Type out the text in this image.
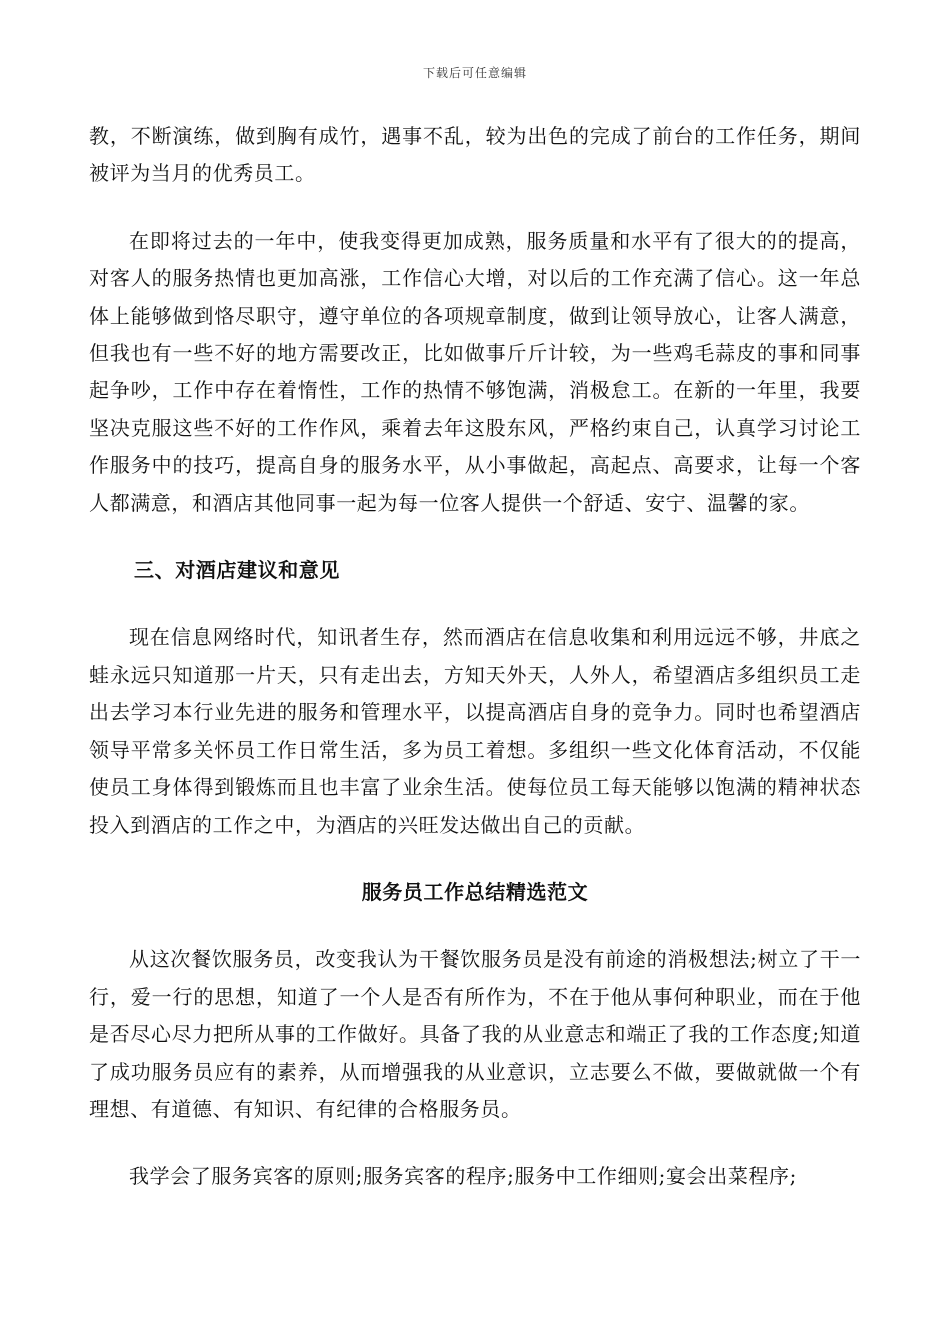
下载后可任意编辑

教，不断演练，做到胸有成竹，遇事不乱，较为出色的完成了前台的工作任务，期间被评为当月的优秀员工。

在即将过去的一年中，使我变得更加成熟，服务质量和水平有了很大的的提高，对客人的服务热情也更加高涨，工作信心大增，对以后的工作充满了信心。这一年总体上能够做到恪尽职守，遵守单位的各项规章制度，做到让领导放心，让客人满意，但我也有一些不好的地方需要改正，比如做事斤斤计较，为一些鸡毛蒜皮的事和同事起争吵，工作中存在着惰性，工作的热情不够饱满，消极怠工。在新的一年里，我要坚决克服这些不好的工作作风，乘着去年这股东风，严格约束自己，认真学习讨论工作服务中的技巧，提高自身的服务水平，从小事做起，高起点、高要求，让每一个客人都满意，和酒店其他同事一起为每一位客人提供一个舒适、安宁、温馨的家。

三、对酒店建议和意见

现在信息网络时代，知讯者生存，然而酒店在信息收集和利用远远不够，井底之蛙永远只知道那一片天，只有走出去，方知天外天，人外人，希望酒店多组织员工走出去学习本行业先进的服务和管理水平，以提高酒店自身的竞争力。同时也希望酒店领导平常多关怀员工作日常生活，多为员工着想。多组织一些文化体育活动，不仅能使员工身体得到锻炼而且也丰富了业余生活。使每位员工每天能够以饱满的精神状态投入到酒店的工作之中，为酒店的兴旺发达做出自己的贡献。

服务员工作总结精选范文

从这次餐饮服务员，改变我认为干餐饮服务员是没有前途的消极想法;树立了干一行，爱一行的思想，知道了一个人是否有所作为，不在于他从事何种职业，而在于他是否尽心尽力把所从事的工作做好。具备了我的从业意志和端正了我的工作态度;知道了成功服务员应有的素养，从而增强我的从业意识，立志要么不做，要做就做一个有理想、有道德、有知识、有纪律的合格服务员。

我学会了服务宾客的原则;服务宾客的程序;服务中工作细则;宴会出菜程序;
